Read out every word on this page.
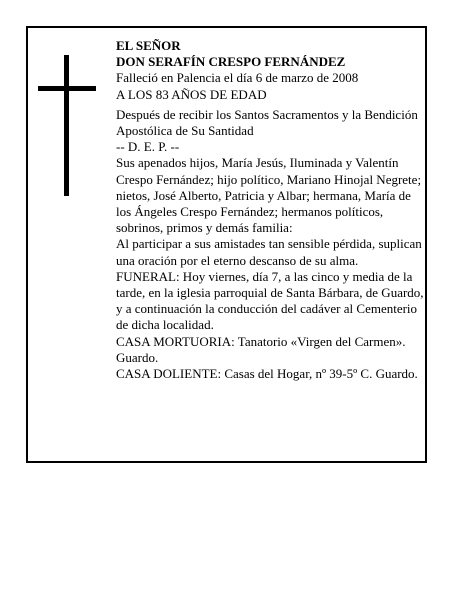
EL SEÑOR

DON SERAFÍN CRESPO FERNÁNDEZ

Falleció en Palencia el día 6 de marzo de 2008

A LOS 83 AÑOS DE EDAD

Después de recibir los Santos Sacramentos y la Bendición Apostólica de Su Santidad

-- D. E. P. --

Sus apenados hijos, María Jesús, Iluminada y Valentín Crespo Fernández; hijo político, Mariano Hinojal Negrete; nietos, José Alberto, Patricia y Albar; hermana, María de los Ángeles Crespo Fernández; hermanos políticos, sobrinos, primos y demás familia:

Al participar a sus amistades tan sensible pérdida, suplican una oración por el eterno descanso de su alma.

FUNERAL: Hoy viernes, día 7, a las cinco y media de la tarde, en la iglesia parroquial de Santa Bárbara, de Guardo, y a continuación la conducción del cadáver al Cementerio de dicha localidad.

CASA MORTUORIA: Tanatorio «Virgen del Carmen». Guardo.

CASA DOLIENTE: Casas del Hogar, nº 39-5º C. Guardo.
